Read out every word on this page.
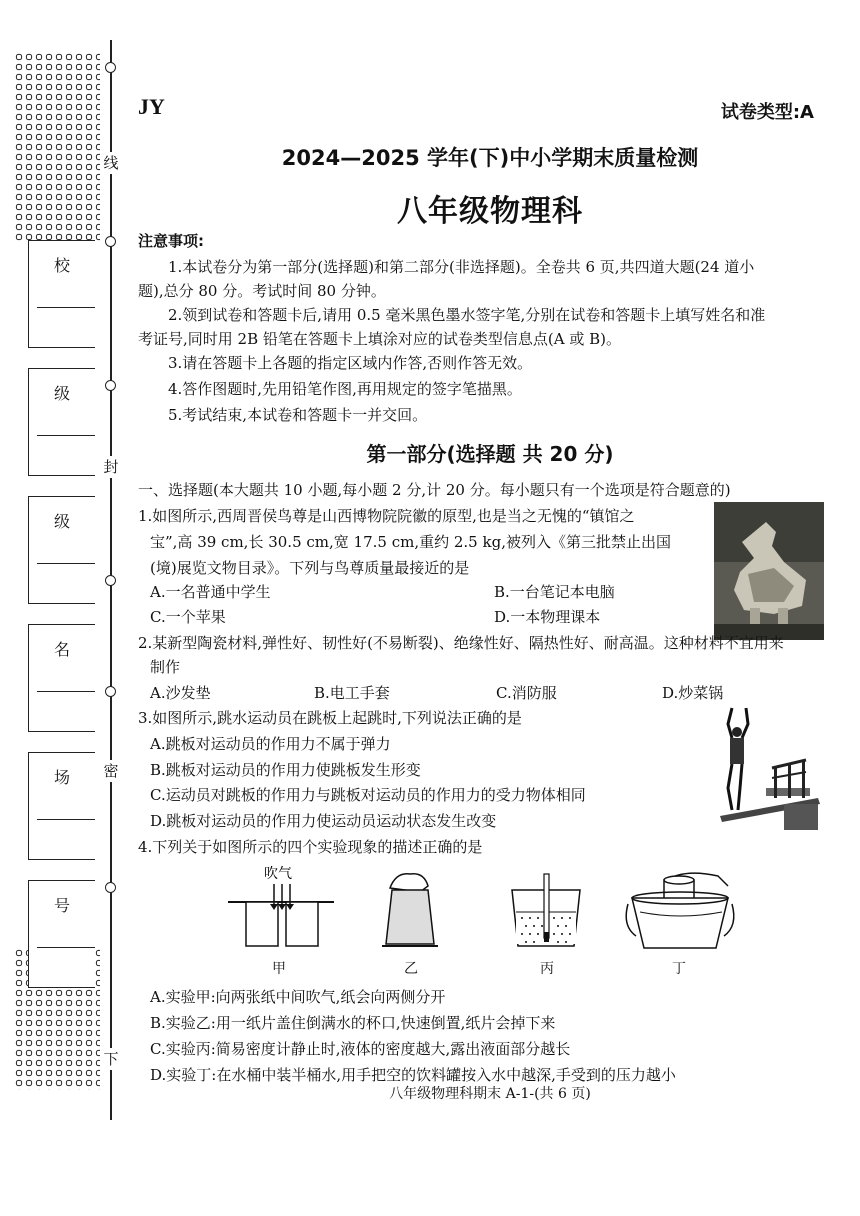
线
封
密
下
校
级
级
名
场
号
JY	试卷类型:A
2024—2025 学年(下)中小学期末质量检测
八年级物理科
注意事项:
1.本试卷分为第一部分(选择题)和第二部分(非选择题)。全卷共 6 页,共四道大题(24 道小
题),总分 80 分。考试时间 80 分钟。
2.领到试卷和答题卡后,请用 0.5 毫米黑色墨水签字笔,分别在试卷和答题卡上填写姓名和准
考证号,同时用 2B 铅笔在答题卡上填涂对应的试卷类型信息点(A 或 B)。
3.请在答题卡上各题的指定区域内作答,否则作答无效。
4.答作图题时,先用铅笔作图,再用规定的签字笔描黑。
5.考试结束,本试卷和答题卡一并交回。
第一部分(选择题 共 20 分)
一、选择题(本大题共 10 小题,每小题 2 分,计 20 分。每小题只有一个选项是符合题意的)
1.如图所示,西周晋侯鸟尊是山西博物院院徽的原型,也是当之无愧的“镇馆之
宝”,高 39 cm,长 30.5 cm,宽 17.5 cm,重约 2.5 kg,被列入《第三批禁止出国
(境)展览文物目录》。下列与鸟尊质量最接近的是
A.一名普通中学生	B.一台笔记本电脑
C.一个苹果	D.一本物理课本
2.某新型陶瓷材料,弹性好、韧性好(不易断裂)、绝缘性好、隔热性好、耐高温。这种材料不宜用来
制作
A.沙发垫	B.电工手套	C.消防服	D.炒菜锅
3.如图所示,跳水运动员在跳板上起跳时,下列说法正确的是
A.跳板对运动员的作用力不属于弹力
B.跳板对运动员的作用力使跳板发生形变
C.运动员对跳板的作用力与跳板对运动员的作用力的受力物体相同
D.跳板对运动员的作用力使运动员运动状态发生改变
4.下列关于如图所示的四个实验现象的描述正确的是
吹气
甲	乙	丙	丁
A.实验甲:向两张纸中间吹气,纸会向两侧分开
B.实验乙:用一纸片盖住倒满水的杯口,快速倒置,纸片会掉下来
C.实验丙:简易密度计静止时,液体的密度越大,露出液面部分越长
D.实验丁:在水桶中装半桶水,用手把空的饮料罐按入水中越深,手受到的压力越小
八年级物理科期末 A-1-(共 6 页)
